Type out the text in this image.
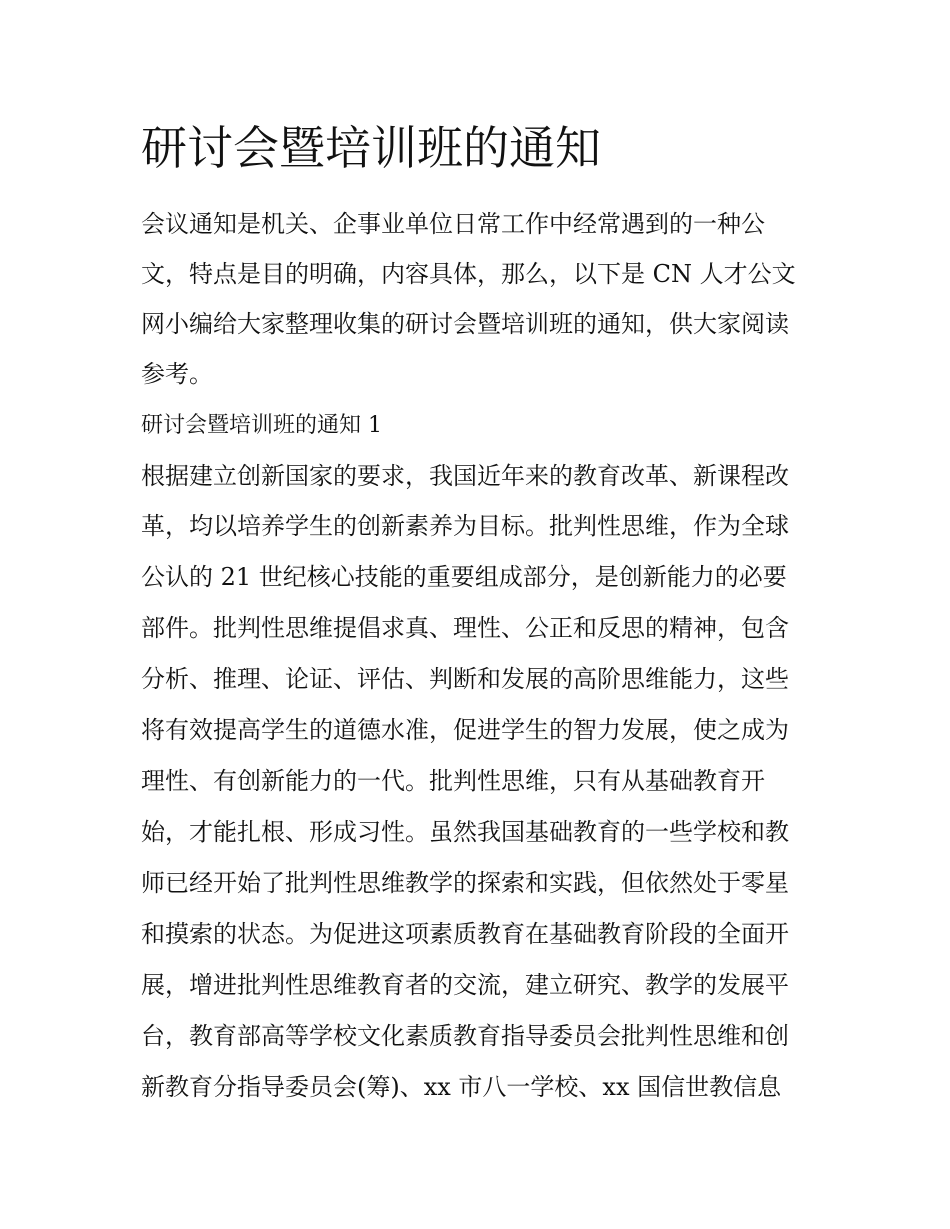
研讨会暨培训班的通知

会议通知是机关、企事业单位日常工作中经常遇到的一种公

文，特点是目的明确，内容具体，那么，以下是 CN 人才公文

网小编给大家整理收集的研讨会暨培训班的通知，供大家阅读

参考。

研讨会暨培训班的通知 1

根据建立创新国家的要求，我国近年来的教育改革、新课程改

革，均以培养学生的创新素养为目标。批判性思维，作为全球

公认的 21 世纪核心技能的重要组成部分，是创新能力的必要

部件。批判性思维提倡求真、理性、公正和反思的精神，包含

分析、推理、论证、评估、判断和发展的高阶思维能力，这些

将有效提高学生的道德水准，促进学生的智力发展，使之成为

理性、有创新能力的一代。批判性思维，只有从基础教育开

始，才能扎根、形成习性。虽然我国基础教育的一些学校和教

师已经开始了批判性思维教学的探索和实践，但依然处于零星

和摸索的状态。为促进这项素质教育在基础教育阶段的全面开

展，增进批判性思维教育者的交流，建立研究、教学的发展平

台，教育部高等学校文化素质教育指导委员会批判性思维和创

新教育分指导委员会(筹)、xx 市八一学校、xx 国信世教信息
